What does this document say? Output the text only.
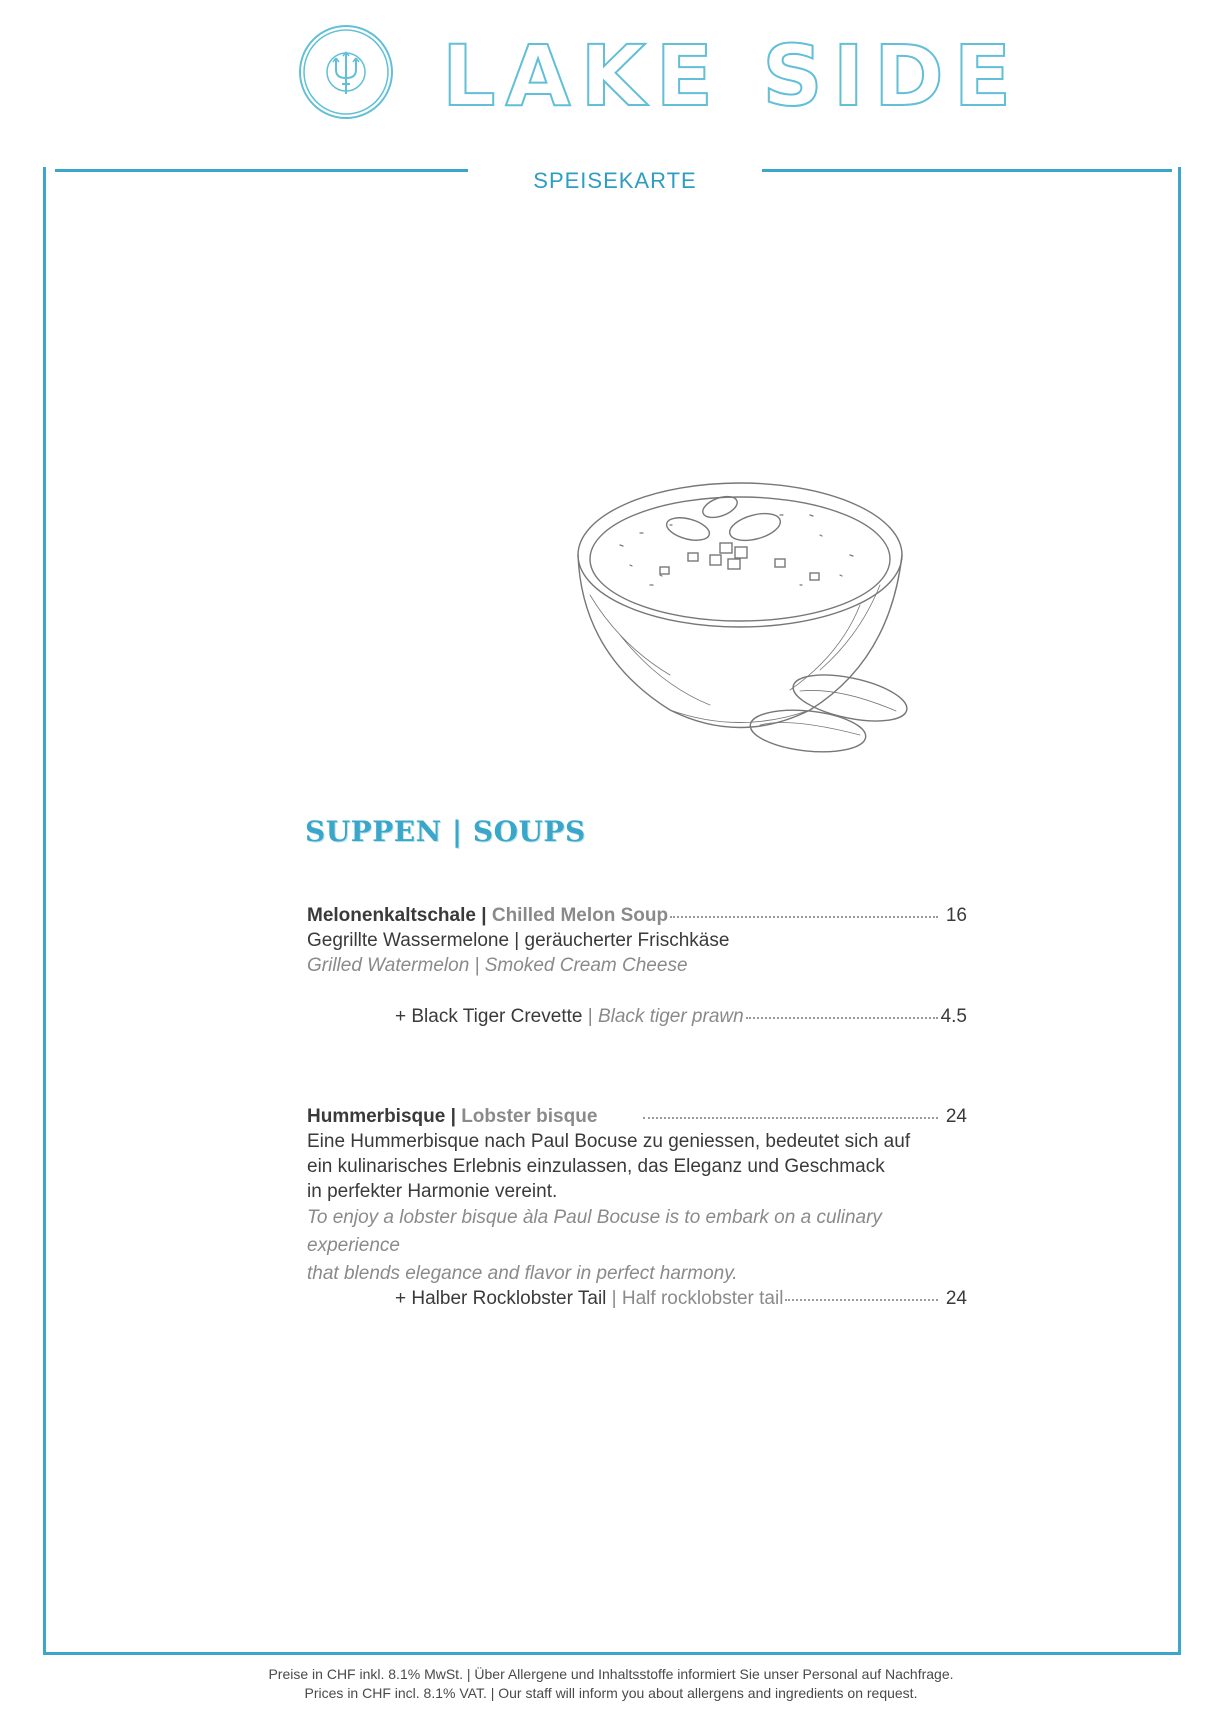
LAKE SIDE
SPEISEKARTE
SUPPEN | SOUPS
Melonenkaltschale
|
Chilled Melon Soup	16
Gegrillte Wassermelone | geräucherter Frischkäse
Grilled Watermelon | Smoked Cream Cheese
+ Black Tiger Crevette
|
Black tiger prawn	4.5
Hummerbisque
|
Lobster bisque	24
Eine Hummerbisque nach Paul Bocuse zu geniessen, bedeutet sich auf
ein kulinarisches Erlebnis einzulassen, das Eleganz und Geschmack
in perfekter Harmonie vereint.
To enjoy a lobster bisque àla Paul Bocuse is to embark on a culinary experience
that blends elegance and flavor in perfect harmony.
+ Halber Rocklobster Tail
|
Half rocklobster tail	24
Preise in CHF inkl. 8.1% MwSt. | Über Allergene und Inhaltsstoffe informiert Sie unser Personal auf Nachfrage.
Prices in CHF incl. 8.1% VAT. | Our staff will inform you about allergens and ingredients on request.
